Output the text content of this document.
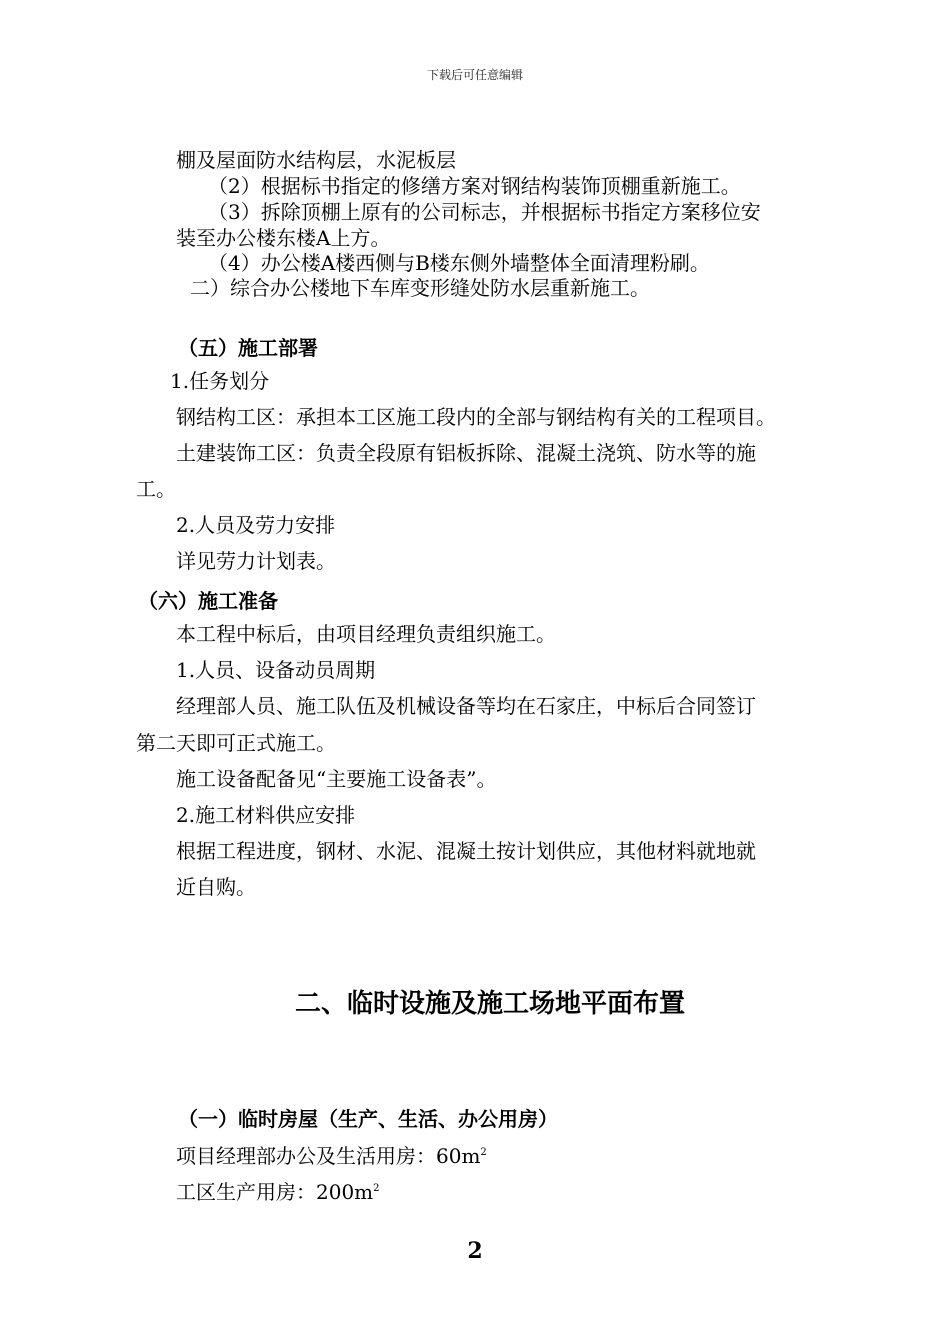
下载后可任意编辑
棚及屋面防水结构层，水泥板层
（2）根据标书指定的修缮方案对钢结构装饰顶棚重新施工。
（3）拆除顶棚上原有的公司标志，并根据标书指定方案移位安
装至办公楼东楼A上方。
（4）办公楼A楼西侧与B楼东侧外墙整体全面清理粉刷。
二）综合办公楼地下车库变形缝处防水层重新施工。
（五）施工部署
1.任务划分
钢结构工区：承担本工区施工段内的全部与钢结构有关的工程项目。
土建装饰工区：负责全段原有铝板拆除、混凝土浇筑、防水等的施
工。
2.人员及劳力安排
详见劳力计划表。
（六）施工准备
本工程中标后，由项目经理负责组织施工。
1.人员、设备动员周期
经理部人员、施工队伍及机械设备等均在石家庄，中标后合同签订
第二天即可正式施工。
施工设备配备见“主要施工设备表”。
2.施工材料供应安排
根据工程进度，钢材、水泥、混凝土按计划供应，其他材料就地就
近自购。
二、临时设施及施工场地平面布置
（一）临时房屋（生产、生活、办公用房）
项目经理部办公及生活用房：$60m^2$
工区生产用房：$200m^2$
2
